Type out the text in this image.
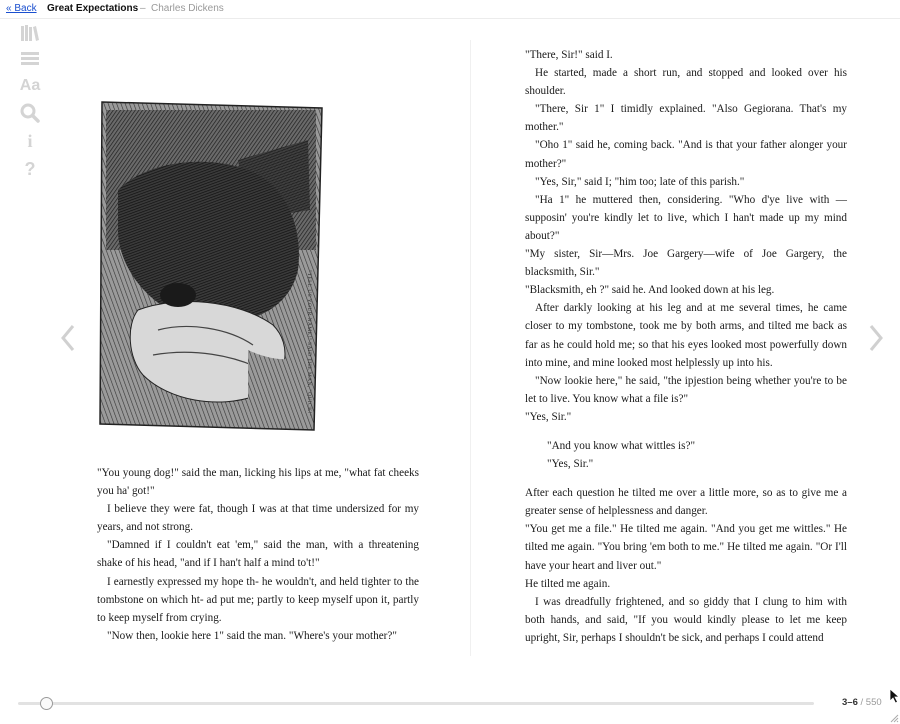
« Back Great Expectations – Charles Dickens
Aa
i
?
"TELL US YOUR NAME!" SAID THE MAN, "QUICK!"

"You young dog!" said the man, licking his lips at me, "what fat cheeks you ha' got!"

I believe they were fat, though I was at that time undersized for my years, and not strong.

"Damned if I couldn't eat 'em," said the man, with a threatening shake of his head, "and if I han't half a mind to't!"

I earnestly expressed my hope th- he wouldn't, and held tighter to the tombstone on which ht- ad put me; partly to keep myself upon it, partly to keep myself from crying.

"Now then, lookie here 1" said the man. "Where's your mother?"

"There, Sir!" said I.

He started, made a short run, and stopped and looked over his shoulder.

"There, Sir 1" I timidly explained. "Also Gegiorana. That's my mother."

"Oho 1" said he, coming back. "And is that your father alonger your mother?"

"Yes, Sir," said I; "him too; late of this parish."

"Ha 1" he muttered then, considering. "Who d'ye live with — supposin' you're kindly let to live, which I han't made up my mind about?"

"My sister, Sir—Mrs. Joe Gargery—wife of Joe Gargery, the blacksmith, Sir."

"Blacksmith, eh ?" said he. And looked down at his leg.

After darkly looking at his leg and at me several times, he came closer to my tombstone, took me by both arms, and tilted me back as far as he could hold me; so that his eyes looked most powerfully down into mine, and mine looked most helplessly up into his.

"Now lookie here," he said, "the ipjestion being whether you're to be let to live. You know what a file is?"

"Yes, Sir."

"And you know what wittles is?"

"Yes, Sir."

After each question he tilted me over a little more, so as to give me a greater sense of helplessness and danger.

"You get me a file." He tilted me again. "And you get me wittles." He tilted me again. "You bring 'em both to me." He tilted me again. "Or I'll have your heart and liver out."

He tilted me again.

I was dreadfully frightened, and so giddy that I clung to him with both hands, and said, "If you would kindly please to let me keep upright, Sir, perhaps I shouldn't be sick, and perhaps I could attend

3–6 / 550
